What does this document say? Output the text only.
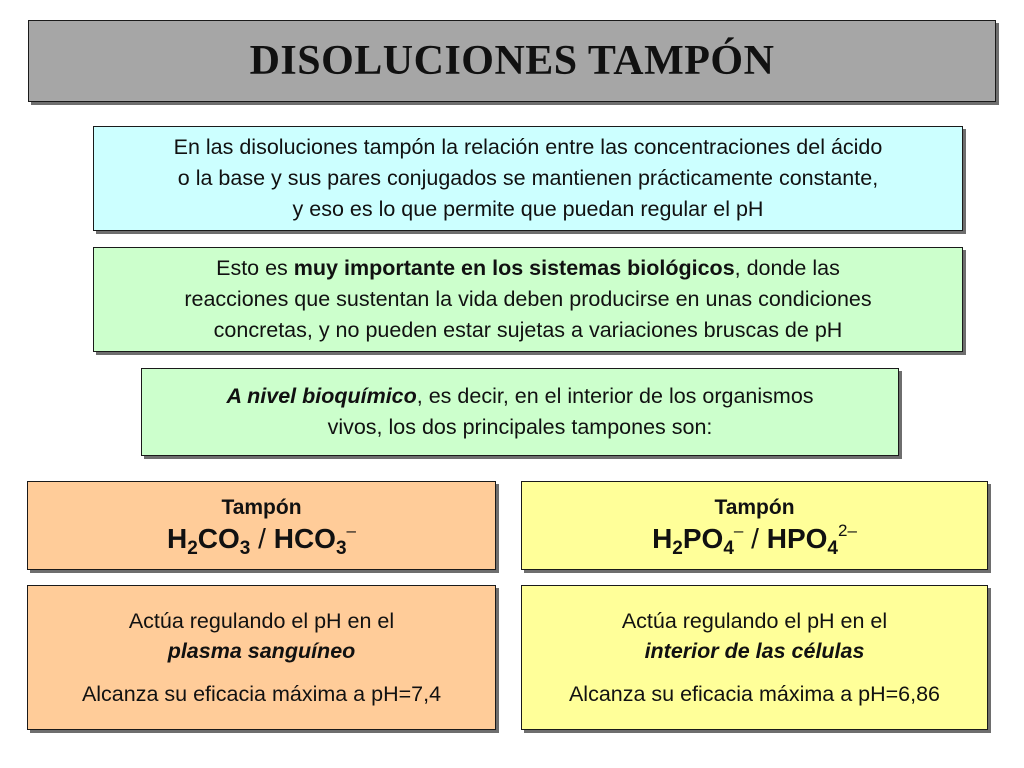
DISOLUCIONES TAMPÓN
En las disoluciones tampón la relación entre las concentraciones del ácido
o la base y sus pares conjugados se mantienen prácticamente constante,
y eso es lo que permite que puedan regular el pH
Esto es muy importante en los sistemas biológicos, donde las
reacciones que sustentan la vida deben producirse en unas condiciones
concretas, y no pueden estar sujetas a variaciones bruscas de pH
A nivel bioquímico, es decir, en el interior de los organismos
vivos, los dos principales tampones son:
Tampón
$H_2CO_3 / HCO_3^-$
Tampón
$H_2PO_4^- / HPO_4^{2-}$
Actúa regulando el pH en el
plasma sanguíneo
Alcanza su eficacia máxima a pH=7,4
Actúa regulando el pH en el
interior de las células
Alcanza su eficacia máxima a pH=6,86
